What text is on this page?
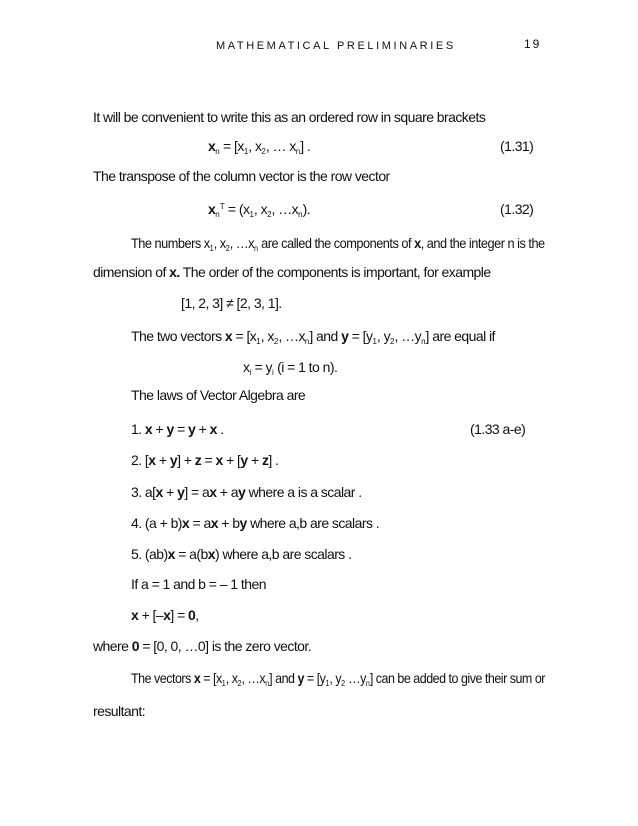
MATHEMATICAL PRELIMINARIES	19
It will be convenient to write this as an ordered row in square brackets
$x_n = [x_1$, $x_2$, … $x_n$] .	(1.31)
The transpose of the column vector is the row vector
$x_n^T = (x_1$, $x_2$, $\dots x_n$).	(1.32)
The numbers $x_1$, $x_2$, $\dots x_n$ are called the components of x, and the integer n is the
dimension of x. The order of the components is important, for example
[1, 2, 3] ≠ [2, 3, 1].
The two vectors $x = [x_1$, $x_2$, $\dots x_n$] and $y = [y_1$, $y_2$, $\dots y_n$] are equal if
$x_i = y_i$ (i = 1 to n).
The laws of Vector Algebra are
1. x + y = y + x .	(1.33 a-e)
2. [x + y] + z = x + [y + z] .
3. a[x + y] = ax + ay where a is a scalar .
4. (a + b)x = ax + by where a,b are scalars .
5. (ab)x = a(bx) where a,b are scalars .
If a = 1 and b = – 1 then
x + [–x] = 0,
where 0 = [0, 0, …0] is the zero vector.
The vectors $x = [x_1$, $x_2$, $\dots x_n$] and $y = [y_1$, $y_2$ $\dots y_n$] can be added to give their sum or
resultant:
